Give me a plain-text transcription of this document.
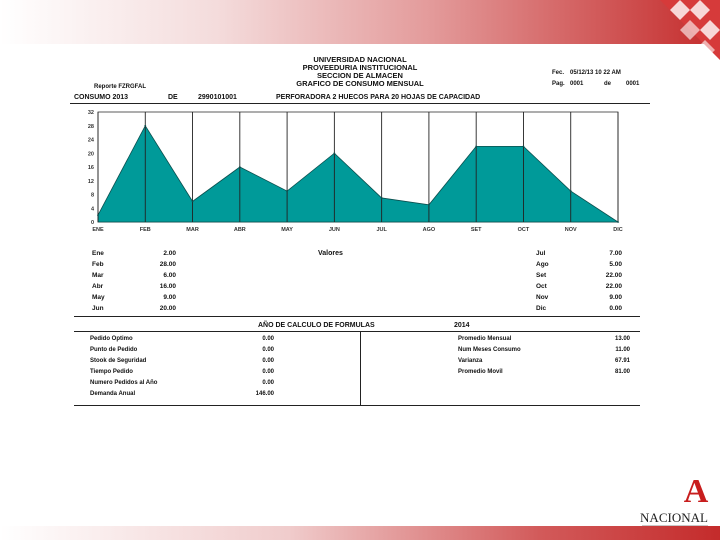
UNIVERSIDAD NACIONAL
PROVEEDURIA INSTITUCIONAL
SECCION DE ALMACEN
GRAFICO DE CONSUMO MENSUAL
Fec. 05/12/13 10 22 AM
Pag. 0001	de 0001
Reporte FZRGFAL
CONSUMO 2013	DE	2990101001	PERFORADORA 2 HUECOS PARA 20 HOJAS DE CAPACIDAD
32
28
24
20
16
12
8
4
0
ENE	FEB	MAR	ABR	MAY	JUN	JUL	AGO	SET	OCT	NOV	DIC
Valores
Ene	2.00
Feb	28.00
Mar	6.00
Abr	16.00
May	9.00
Jun	20.00
Jul	7.00
Ago	5.00
Set	22.00
Oct	22.00
Nov	9.00
Dic	0.00
AÑO DE CALCULO DE FORMULAS	2014
Pedido Optimo	0.00
Punto de Pedido	0.00
Stook de Seguridad	0.00
Tiempo Pedido	0.00
Numero Pedidos al Año	0.00
Demanda Anual	146.00
Promedio Mensual	13.00
Num Meses Consumo	11.00
Varianza	67.91
Promedio Movil	81.00
A
NACIONAL
